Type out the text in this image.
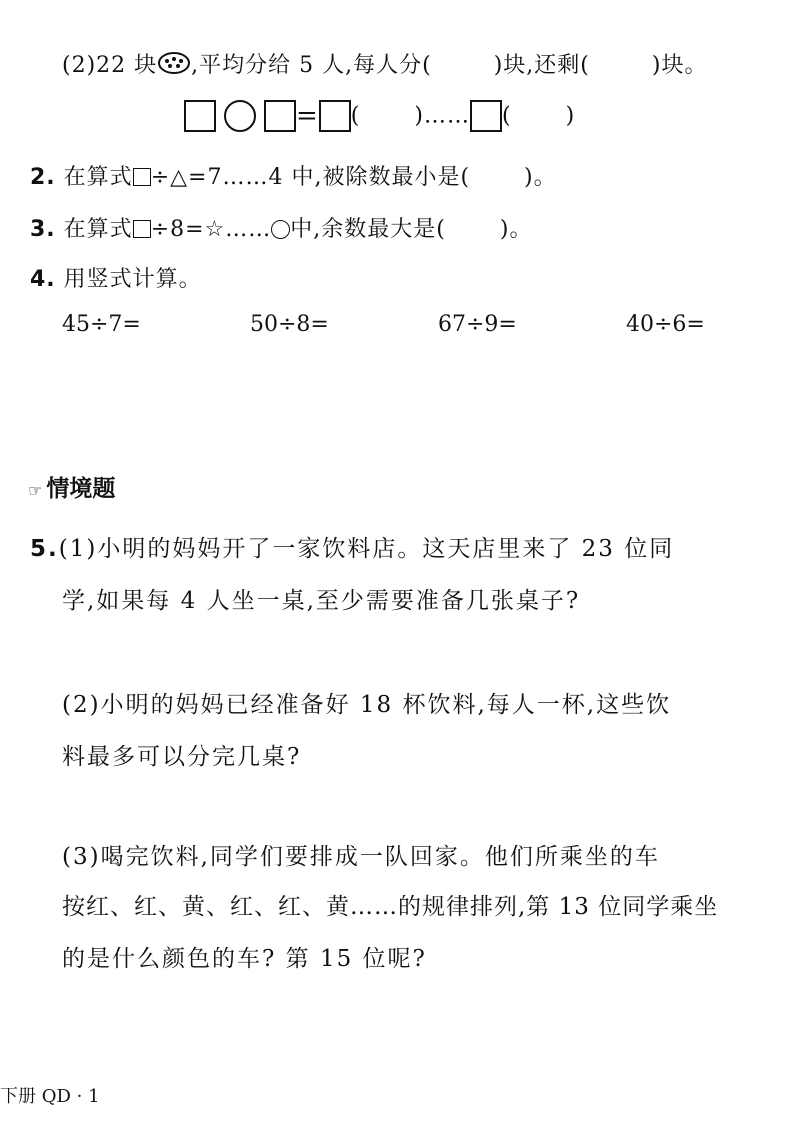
(2)22 块 ,平均分给 5 人,每人分(	)块,还剩(	)块。
= ( )…… ( )
2. 在算式 ÷△=7……4 中,被除数最小是( )。
3. 在算式 ÷8=☆…… 中,余数最大是( )。
4. 用竖式计算。
45÷7=	50÷8=	67÷9=	40÷6=
☞ 情境题
5.(1)小明的妈妈开了一家饮料店。这天店里来了 23 位同
学,如果每 4 人坐一桌,至少需要准备几张桌子?
(2)小明的妈妈已经准备好 18 杯饮料,每人一杯,这些饮
料最多可以分完几桌?
(3)喝完饮料,同学们要排成一队回家。他们所乘坐的车
按红、红、黄、红、红、黄……的规律排列,第 13 位同学乘坐
的是什么颜色的车? 第 15 位呢?
下册 QD · 1
